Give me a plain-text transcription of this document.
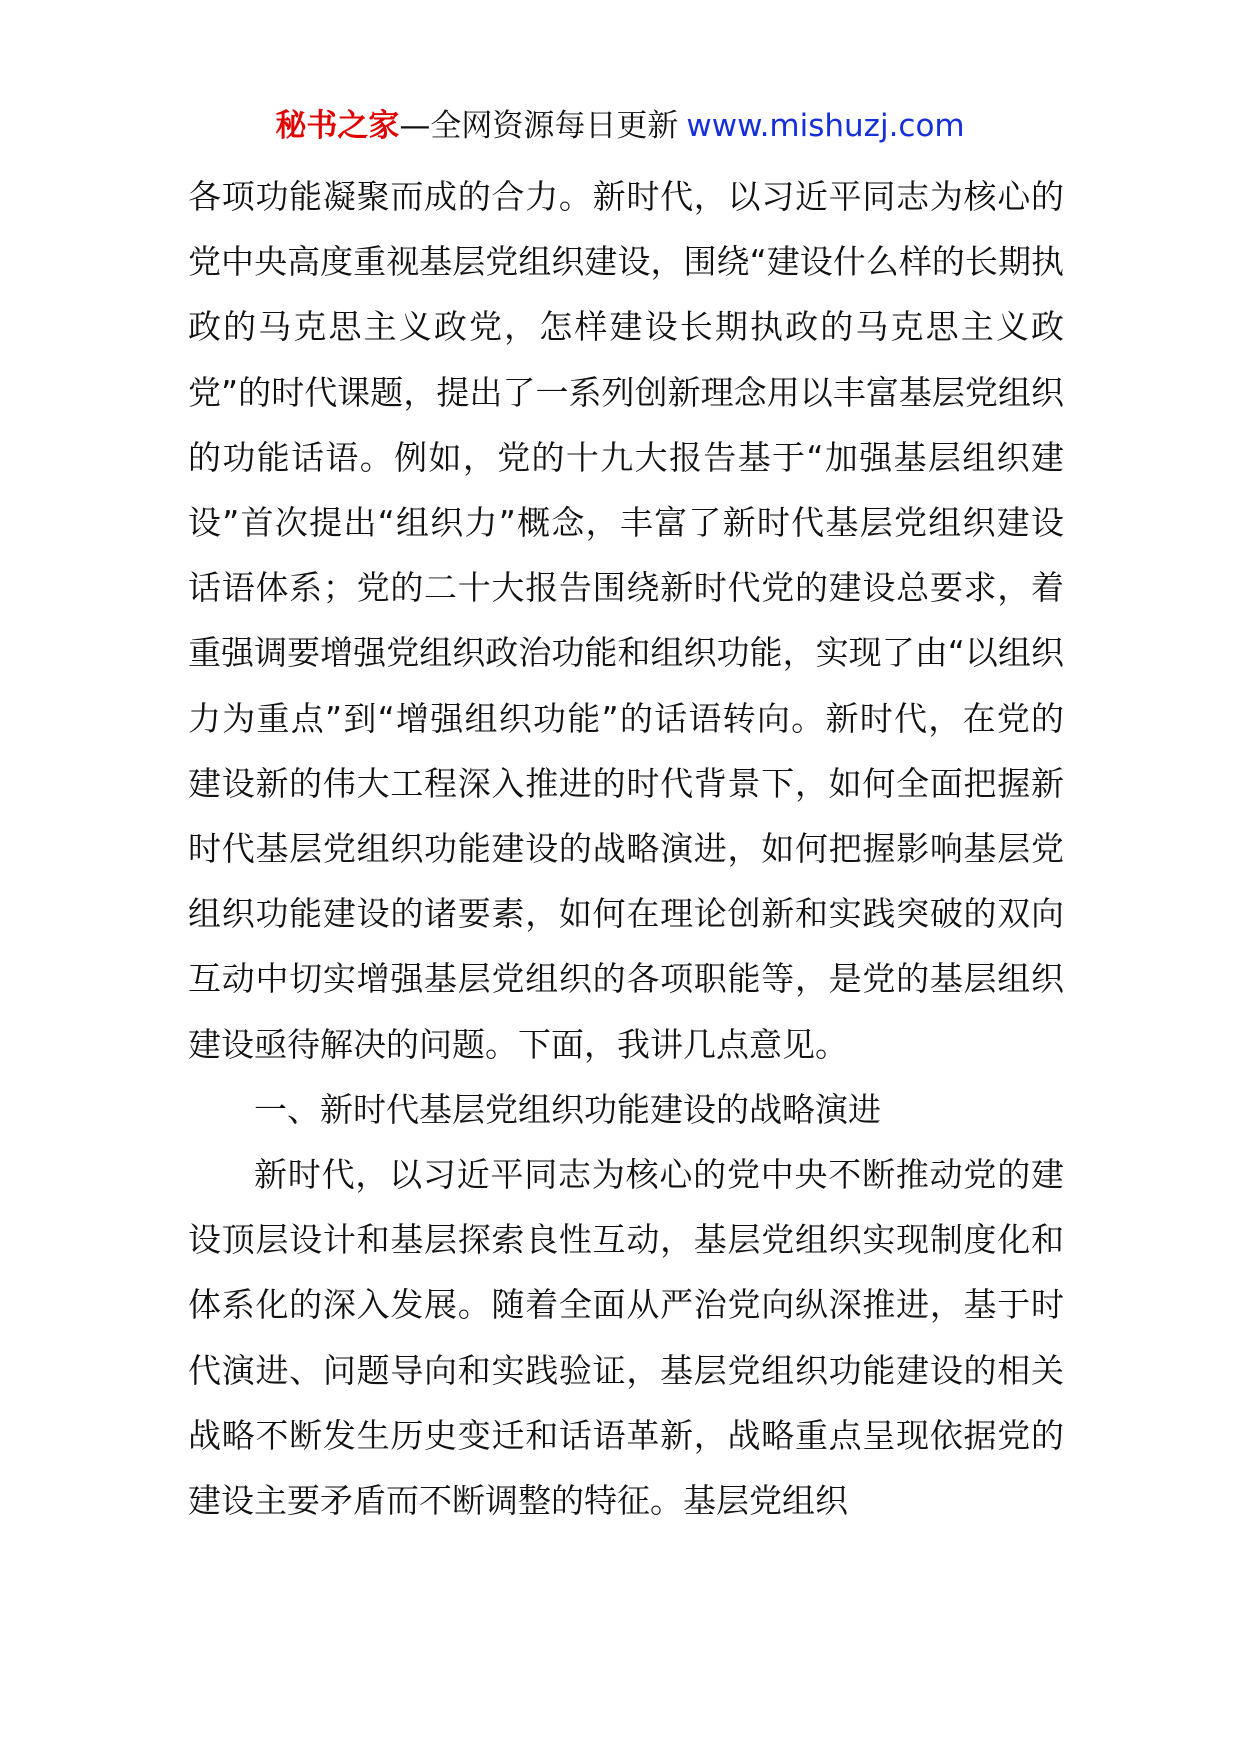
秘书之家—全网资源每日更新 www.mishuzj.com

各项功能凝聚而成的合力。新时代，以习近平同志为核心的党中央高度重视基层党组织建设，围绕“建设什么样的长期执政的马克思主义政党，怎样建设长期执政的马克思主义政党”的时代课题，提出了一系列创新理念用以丰富基层党组织的功能话语。例如，党的十九大报告基于“加强基层组织建设”首次提出“组织力”概念，丰富了新时代基层党组织建设话语体系；党的二十大报告围绕新时代党的建设总要求，着重强调要增强党组织政治功能和组织功能，实现了由“以组织力为重点”到“增强组织功能”的话语转向。新时代，在党的建设新的伟大工程深入推进的时代背景下，如何全面把握新时代基层党组织功能建设的战略演进，如何把握影响基层党组织功能建设的诸要素，如何在理论创新和实践突破的双向互动中切实增强基层党组织的各项职能等，是党的基层组织建设亟待解决的问题。下面，我讲几点意见。

一、新时代基层党组织功能建设的战略演进

新时代，以习近平同志为核心的党中央不断推动党的建设顶层设计和基层探索良性互动，基层党组织实现制度化和体系化的深入发展。随着全面从严治党向纵深推进，基于时代演进、问题导向和实践验证，基层党组织功能建设的相关战略不断发生历史变迁和话语革新，战略重点呈现依据党的建设主要矛盾而不断调整的特征。基层党组织
